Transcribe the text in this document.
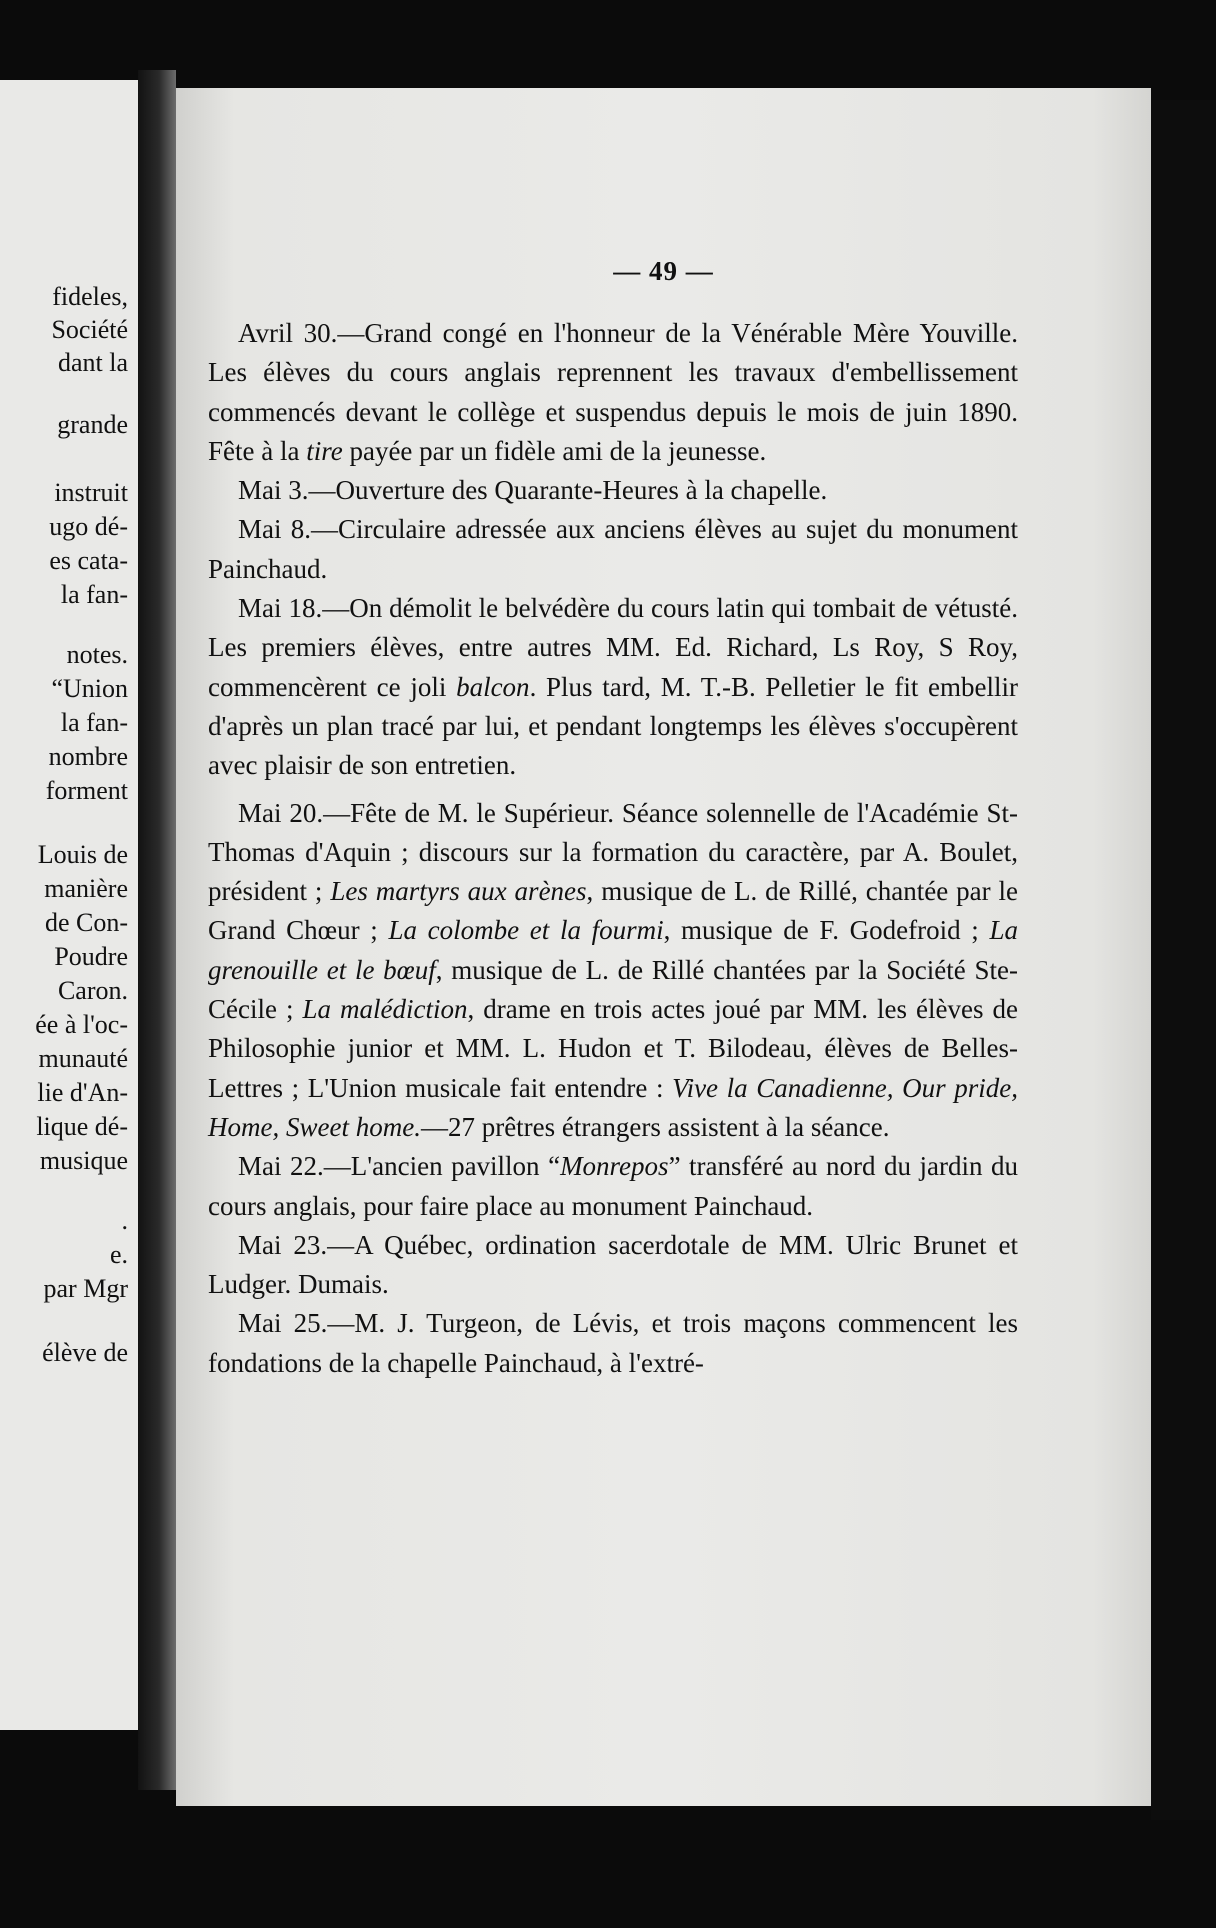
fideles,
Société
dant la
grande
instruit
ugo dé-
es cata-
la fan-
notes.
“Union
la fan-
nombre
forment
Louis de
manière
de Con-
Poudre
Caron.
ée à l'oc-
munauté
lie d'An-
lique dé-
musique
.
e.
par Mgr
élève de
— 49 —

Avril 30.—Grand congé en l'honneur de la Vénérable Mère Youville. Les élèves du cours anglais reprennent les travaux d'embellissement commencés devant le collège et suspendus depuis le mois de juin 1890. Fête à la tire payée par un fidèle ami de la jeunesse.

Mai 3.—Ouverture des Quarante-Heures à la chapelle.

Mai 8.—Circulaire adressée aux anciens élèves au sujet du monument Painchaud.

Mai 18.—On démolit le belvédère du cours latin qui tombait de vétusté. Les premiers élèves, entre autres MM. Ed. Richard, Ls Roy, S Roy, commencèrent ce joli balcon. Plus tard, M. T.-B. Pelletier le fit embellir d'après un plan tracé par lui, et pendant longtemps les élèves s'occupèrent avec plaisir de son entretien.

Mai 20.—Fête de M. le Supérieur. Séance solennelle de l'Académie St-Thomas d'Aquin ; discours sur la formation du caractère, par A. Boulet, président ; Les martyrs aux arènes, musique de L. de Rillé, chantée par le Grand Chœur ; La colombe et la fourmi, musique de F. Godefroid ; La grenouille et le bœuf, musique de L. de Rillé chantées par la Société Ste-Cécile ; La malédiction, drame en trois actes joué par MM. les élèves de Philosophie junior et MM. L. Hudon et T. Bilodeau, élèves de Belles-Lettres ; L'Union musicale fait entendre : Vive la Canadienne, Our pride, Home, Sweet home.—27 prêtres étrangers assistent à la séance.

Mai 22.—L'ancien pavillon “Monrepos” transféré au nord du jardin du cours anglais, pour faire place au monument Painchaud.

Mai 23.—A Québec, ordination sacerdotale de MM. Ulric Brunet et Ludger. Dumais.

Mai 25.—M. J. Turgeon, de Lévis, et trois maçons commencent les fondations de la chapelle Painchaud, à l'extré-
